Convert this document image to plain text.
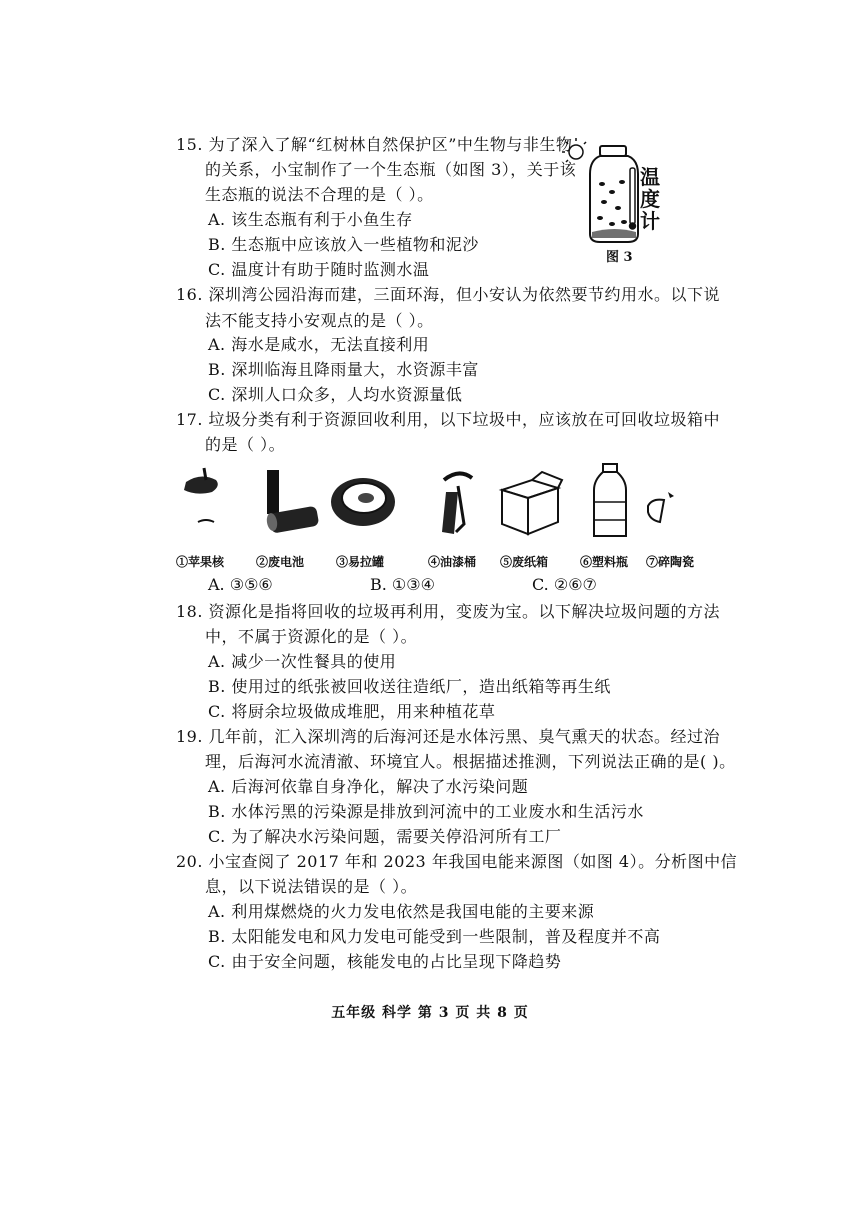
15. 为了深入了解“红树林自然保护区”中生物与非生物
的关系，小宝制作了一个生态瓶（如图 3），关于该
生态瓶的说法不合理的是（ ）。
A. 该生态瓶有利于小鱼生存
B. 生态瓶中应该放入一些植物和泥沙
C. 温度计有助于随时监测水温
温度计
图 3
16. 深圳湾公园沿海而建，三面环海，但小安认为依然要节约用水。以下说
法不能支持小安观点的是（ ）。
A. 海水是咸水，无法直接利用
B. 深圳临海且降雨量大，水资源丰富
C. 深圳人口众多，人均水资源量低
17. 垃圾分类有利于资源回收利用，以下垃圾中，应该放在可回收垃圾箱中
的是（ ）。
①苹果核	②废电池	③易拉罐	④油漆桶 ⑤废纸箱	⑥塑料瓶 ⑦碎陶瓷
A. ③⑤⑥	B. ①③④	C. ②⑥⑦
18. 资源化是指将回收的垃圾再利用，变废为宝。以下解决垃圾问题的方法
中，不属于资源化的是（ ）。
A. 减少一次性餐具的使用
B. 使用过的纸张被回收送往造纸厂，造出纸箱等再生纸
C. 将厨余垃圾做成堆肥，用来种植花草
19. 几年前，汇入深圳湾的后海河还是水体污黑、臭气熏天的状态。经过治
理，后海河水流清澈、环境宜人。根据描述推测，下列说法正确的是( )。
A. 后海河依靠自身净化，解决了水污染问题
B. 水体污黑的污染源是排放到河流中的工业废水和生活污水
C. 为了解决水污染问题，需要关停沿河所有工厂
20. 小宝查阅了 2017 年和 2023 年我国电能来源图（如图 4）。分析图中信
息，以下说法错误的是（ ）。
A. 利用煤燃烧的火力发电依然是我国电能的主要来源
B. 太阳能发电和风力发电可能受到一些限制，普及程度并不高
C. 由于安全问题，核能发电的占比呈现下降趋势
五年级 科学 第 3 页 共 8 页
